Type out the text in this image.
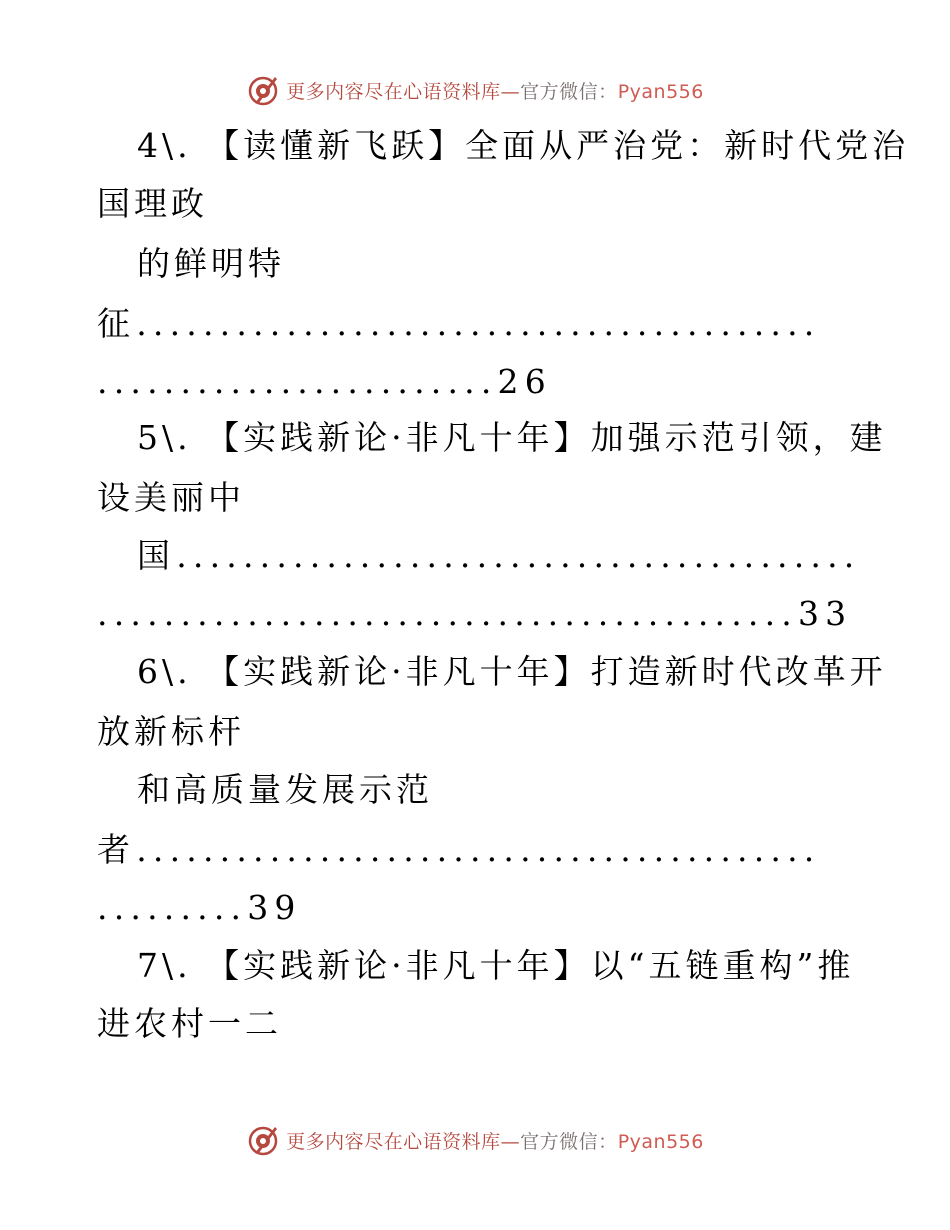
更多内容尽在心语资料库—官方微信：Pyan556
4\. 【读懂新飞跃】全面从严治党：新时代党治
国理政
的鲜明特
征.........................................
........................26
5\. 【实践新论·非凡十年】加强示范引领，建
设美丽中
国.........................................
..........................................33
6\. 【实践新论·非凡十年】打造新时代改革开
放新标杆
和高质量发展示范
者.........................................
.........39
7\. 【实践新论·非凡十年】以“五链重构”推
进农村一二
更多内容尽在心语资料库—官方微信：Pyan556
